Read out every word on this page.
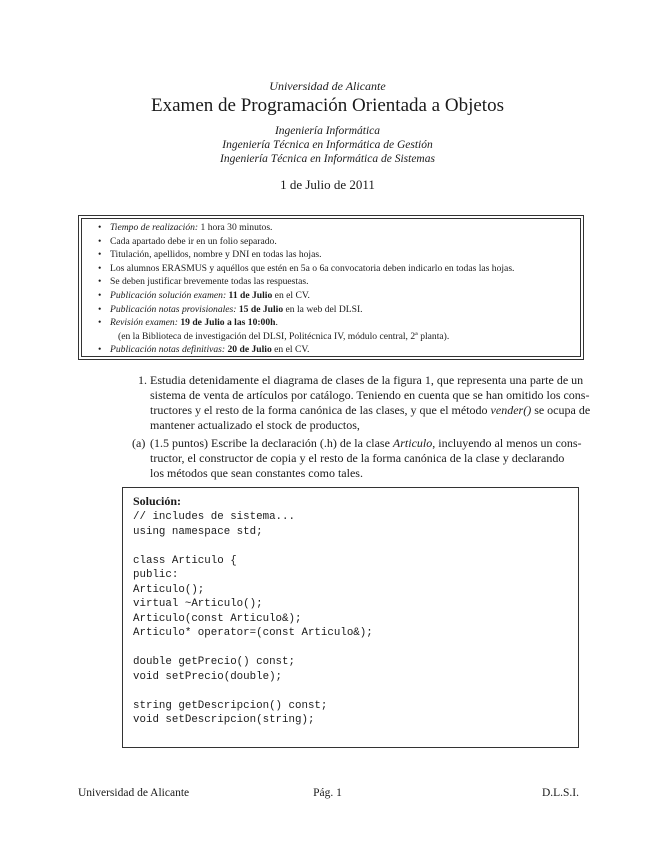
Universidad de Alicante
Examen de Programación Orientada a Objetos
Ingeniería Informática
Ingeniería Técnica en Informática de Gestión
Ingeniería Técnica en Informática de Sistemas
1 de Julio de 2011
• Tiempo de realización: 1 hora 30 minutos.
• Cada apartado debe ir en un folio separado.
• Titulación, apellidos, nombre y DNI en todas las hojas.
• Los alumnos ERASMUS y aquéllos que estén en 5a o 6a convocatoria deben indicarlo en todas las hojas.
• Se deben justificar brevemente todas las respuestas.
• Publicación solución examen: 11 de Julio en el CV.
• Publicación notas provisionales: 15 de Julio en la web del DLSI.
• Revisión examen: 19 de Julio a las 10:00h.
• Publicación notas definitivas: 20 de Julio en el CV.
(en la Biblioteca de investigación del DLSI, Politécnica IV, módulo central, 2ª planta).
1. Estudia detenidamente el diagrama de clases de la figura 1, que representa una parte de un
sistema de venta de artículos por catálogo. Teniendo en cuenta que se han omitido los cons-
tructores y el resto de la forma canónica de las clases, y que el método vender() se ocupa de
mantener actualizado el stock de productos,
(a) (1.5 puntos) Escribe la declaración (.h) de la clase Articulo, incluyendo al menos un cons-
tructor, el constructor de copia y el resto de la forma canónica de la clase y declarando
los métodos que sean constantes como tales.
Solución:
// includes de sistema...
using namespace std;
class Articulo {
public:
Articulo();
virtual ~Articulo();
Articulo(const Articulo&);
Articulo* operator=(const Articulo&);
double getPrecio() const;
void setPrecio(double);
string getDescripcion() const;
void setDescripcion(string);
Universidad de Alicante	Pág. 1	D.L.S.I.
